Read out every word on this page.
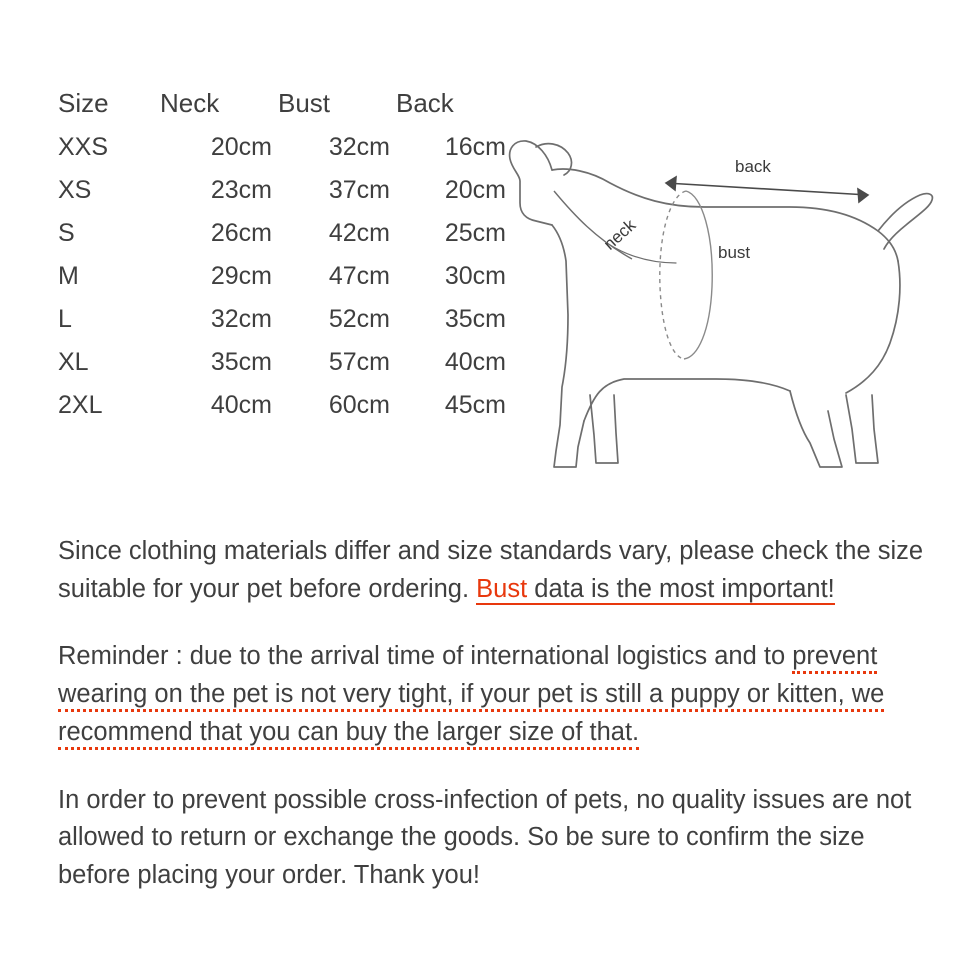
Size	Neck	Bust	Back
XXS	20cm	32cm	16cm
XS	23cm	37cm	20cm
S	26cm	42cm	25cm
M	29cm	47cm	30cm
L	32cm	52cm	35cm
XL	35cm	57cm	40cm
2XL	40cm	60cm	45cm
back
neck	bust

Since clothing materials differ and size standards vary, please check the size suitable for your pet before ordering. Bust data is the most important!

Reminder : due to the arrival time of international logistics and to prevent wearing on the pet is not very tight, if your pet is still a puppy or kitten, we recommend that you can buy the larger size of that.

In order to prevent possible cross-infection of pets, no quality issues are not allowed to return or exchange the goods. So be sure to confirm the size before placing your order. Thank you!
